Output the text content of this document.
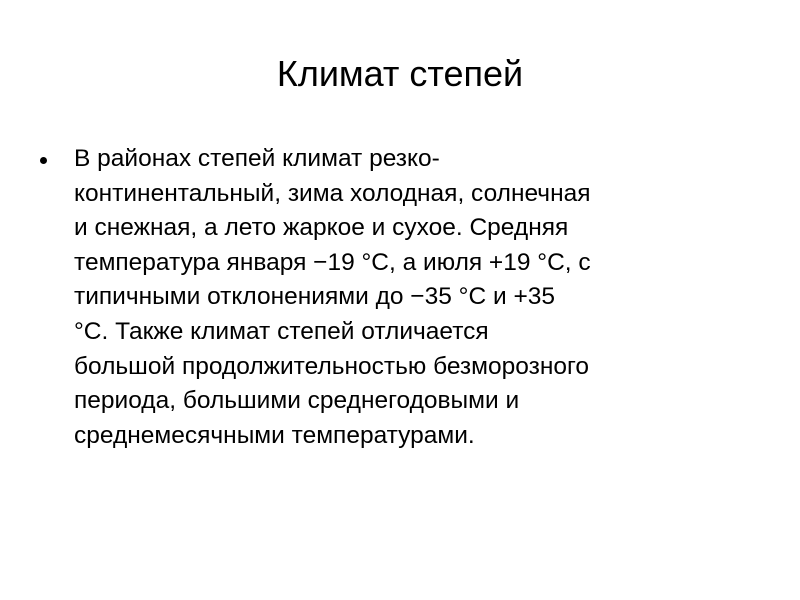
Климат степей
В районах степей климат резко-
континентальный, зима холодная, солнечная
и снежная, а лето жаркое и сухое. Средняя
температура января −19 °C, а июля +19 °C, с
типичными отклонениями до −35 °C и +35
°C. Также климат степей отличается
большой продолжительностью безморозного
периода, большими среднегодовыми и
среднемесячными температурами.
